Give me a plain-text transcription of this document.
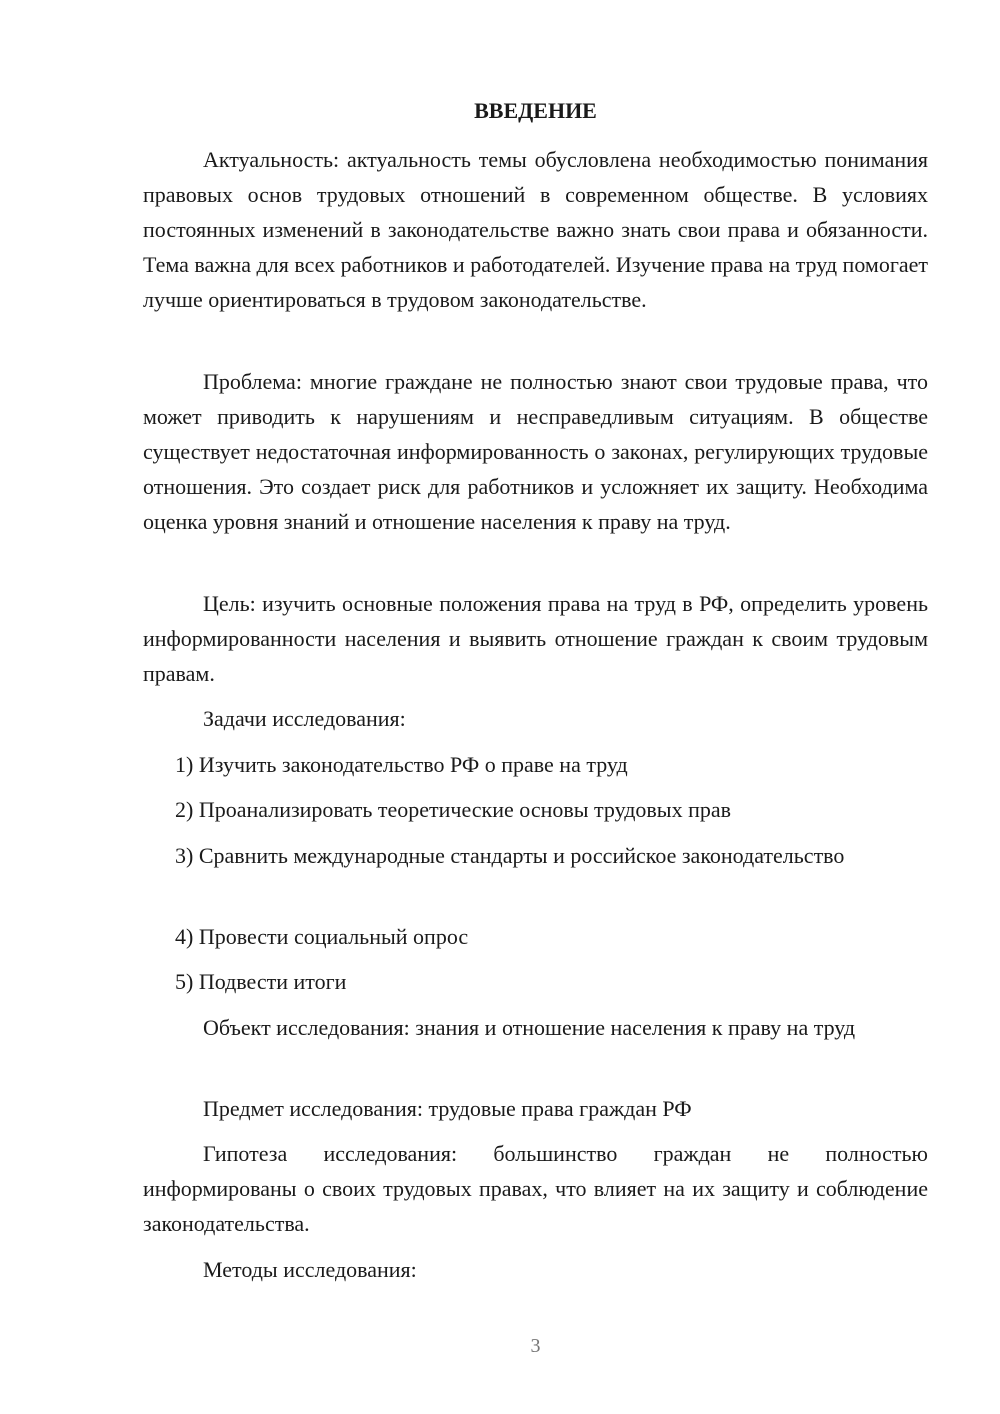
ВВЕДЕНИЕ

Актуальность: актуальность темы обусловлена необходимостью понимания правовых основ трудовых отношений в современном обществе. В условиях постоянных изменений в законодательстве важно знать свои права и обязанности. Тема важна для всех работников и работодателей. Изучение права на труд помогает лучше ориентироваться в трудовом законодательстве.

Проблема: многие граждане не полностью знают свои трудовые права, что может приводить к нарушениям и несправедливым ситуациям. В обществе существует недостаточная информированность о законах, регулирующих трудовые отношения. Это создает риск для работников и усложняет их защиту. Необходима оценка уровня знаний и отношение населения к праву на труд.

Цель: изучить основные положения права на труд в РФ, определить уровень информированности населения и выявить отношение граждан к своим трудовым правам.

Задачи исследования:

1) Изучить законодательство РФ о праве на труд

2) Проанализировать теоретические основы трудовых прав

3) Сравнить международные стандарты и российское законодательство

4) Провести социальный опрос

5) Подвести итоги

Объект исследования: знания и отношение населения к праву на труд

Предмет исследования: трудовые права граждан РФ

Гипотеза исследования: большинство граждан не полностью информированы о своих трудовых правах, что влияет на их защиту и соблюдение законодательства.

Методы исследования:

3
